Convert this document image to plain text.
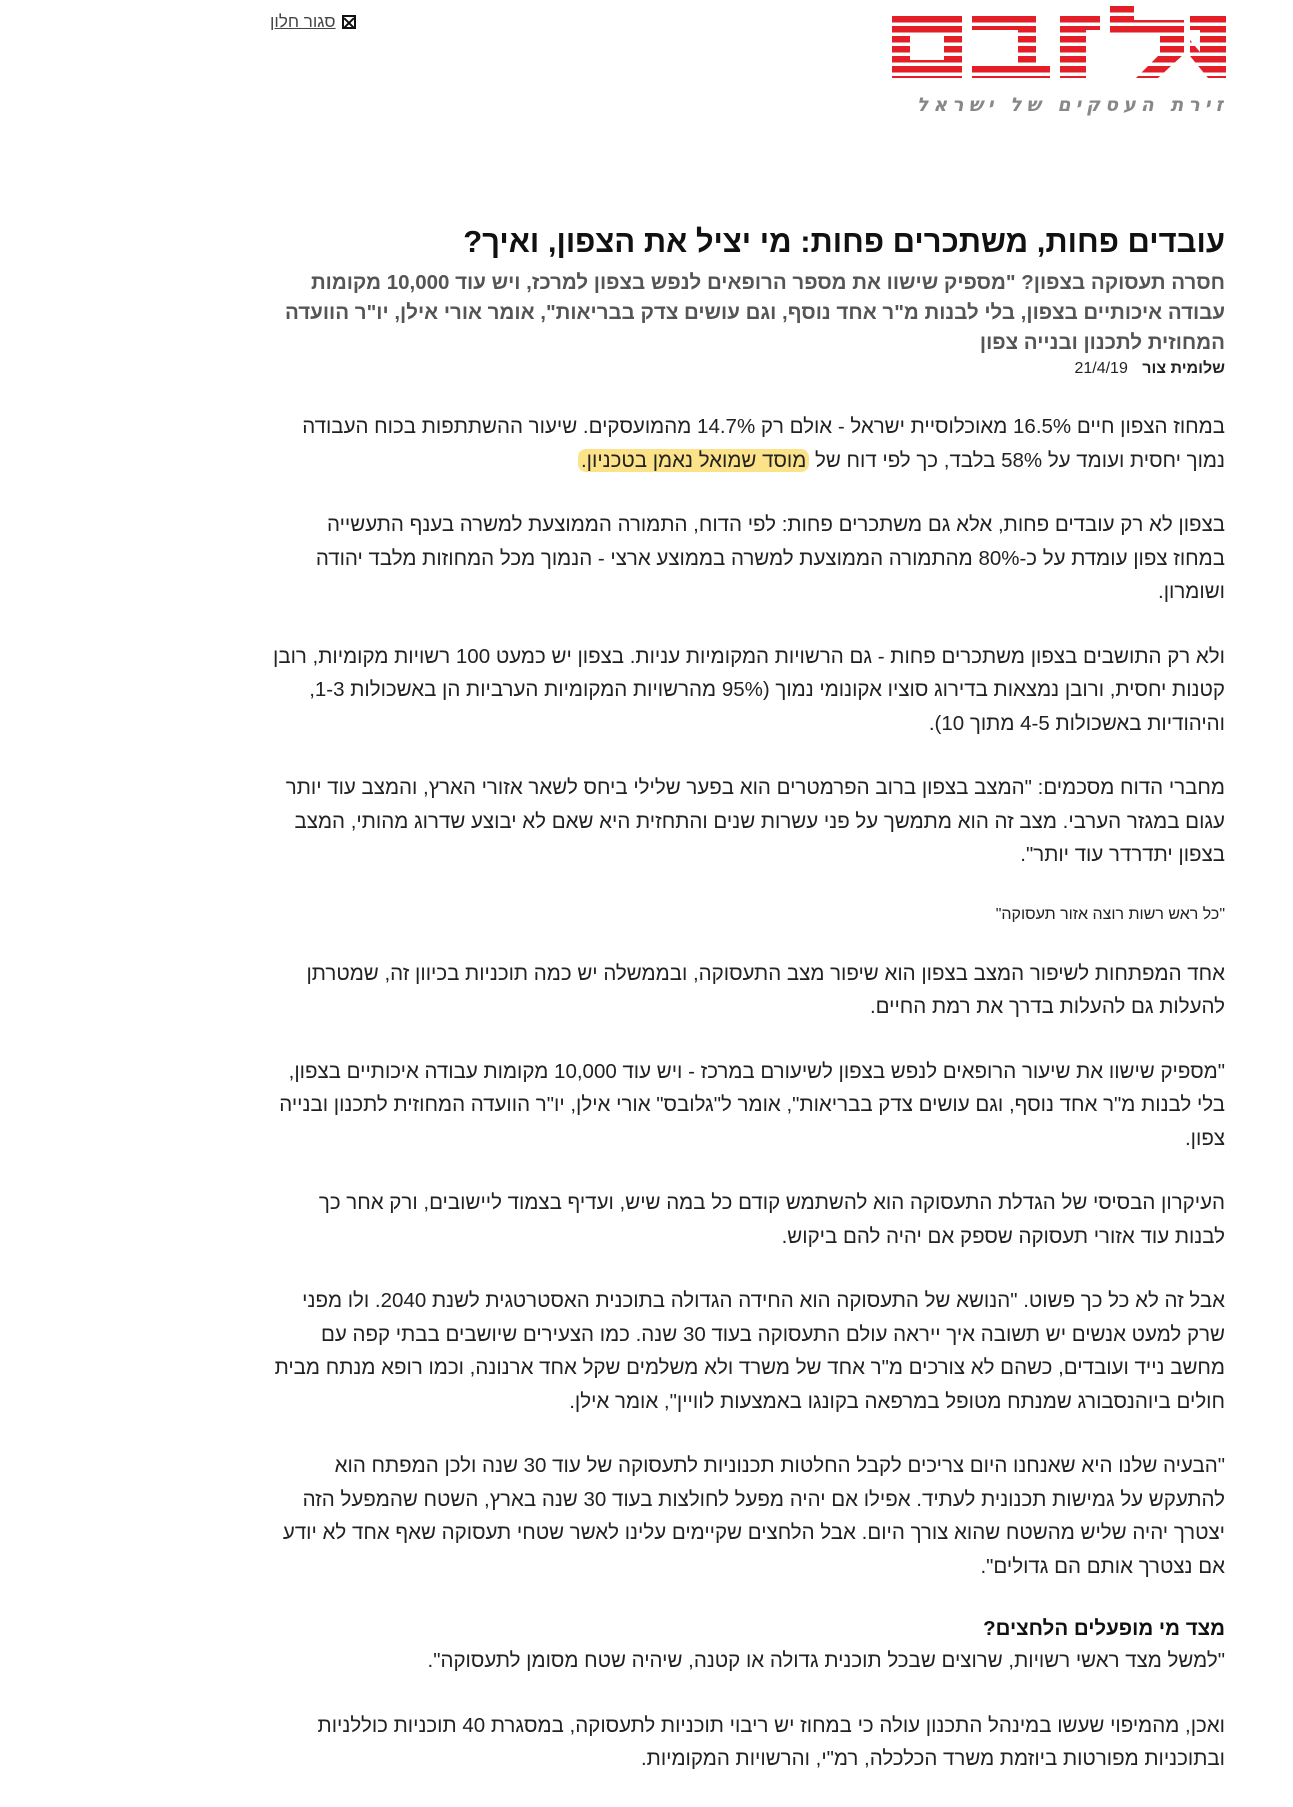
זירת העסקים של ישראל
סגור חלון
עובדים פחות, משתכרים פחות: מי יציל את הצפון, ואיך?
חסרה תעסוקה בצפון? "מספיק שישוו את מספר הרופאים לנפש בצפון למרכז, ויש עוד 10,000 מקומות עבודה איכותיים בצפון, בלי לבנות מ"ר אחד נוסף, וגם עושים צדק בבריאות", אומר אורי אילן, יו"ר הוועדה המחוזית לתכנון ובנייה צפון
שלומית צור 21/4/19

במחוז הצפון חיים 16.5% מאוכלוסיית ישראל - אולם רק 14.7% מהמועסקים. שיעור ההשתתפות בכוח העבודה נמוך יחסית ועומד על 58% בלבד, כך לפי דוח של מוסד שמואל נאמן בטכניון.

בצפון לא רק עובדים פחות, אלא גם משתכרים פחות: לפי הדוח, התמורה הממוצעת למשרה בענף התעשייה במחוז צפון עומדת על כ-80% מהתמורה הממוצעת למשרה בממוצע ארצי - הנמוך מכל המחוזות מלבד יהודה ושומרון.

ולא רק התושבים בצפון משתכרים פחות - גם הרשויות המקומיות עניות. בצפון יש כמעט 100 רשויות מקומיות, רובן קטנות יחסית, ורובן נמצאות בדירוג סוציו אקונומי נמוך (95% מהרשויות המקומיות הערביות הן באשכולות 1-3, והיהודיות באשכולות 4-5 מתוך 10).

מחברי הדוח מסכמים: "המצב בצפון ברוב הפרמטרים הוא בפער שלילי ביחס לשאר אזורי הארץ, והמצב עוד יותר עגום במגזר הערבי. מצב זה הוא מתמשך על פני עשרות שנים והתחזית היא שאם לא יבוצע שדרוג מהותי, המצב בצפון יתדרדר עוד יותר".

"כל ראש רשות רוצה אזור תעסוקה"

אחד המפתחות לשיפור המצב בצפון הוא שיפור מצב התעסוקה, ובממשלה יש כמה תוכניות בכיוון זה, שמטרתן להעלות גם להעלות בדרך את רמת החיים.

"מספיק שישוו את שיעור הרופאים לנפש בצפון לשיעורם במרכז - ויש עוד 10,000 מקומות עבודה איכותיים בצפון, בלי לבנות מ"ר אחד נוסף, וגם עושים צדק בבריאות", אומר ל"גלובס" אורי אילן, יו"ר הוועדה המחוזית לתכנון ובנייה צפון.

העיקרון הבסיסי של הגדלת התעסוקה הוא להשתמש קודם כל במה שיש, ועדיף בצמוד ליישובים, ורק אחר כך לבנות עוד אזורי תעסוקה שספק אם יהיה להם ביקוש.

אבל זה לא כל כך פשוט. "הנושא של התעסוקה הוא החידה הגדולה בתוכנית האסטרטגית לשנת 2040. ולו מפני שרק למעט אנשים יש תשובה איך ייראה עולם התעסוקה בעוד 30 שנה. כמו הצעירים שיושבים בבתי קפה עם מחשב נייד ועובדים, כשהם לא צורכים מ"ר אחד של משרד ולא משלמים שקל אחד ארנונה, וכמו רופא מנתח מבית חולים ביוהנסבורג שמנתח מטופל במרפאה בקונגו באמצעות לוויין", אומר אילן.

"הבעיה שלנו היא שאנחנו היום צריכים לקבל החלטות תכנוניות לתעסוקה של עוד 30 שנה ולכן המפתח הוא להתעקש על גמישות תכנונית לעתיד. אפילו אם יהיה מפעל לחולצות בעוד 30 שנה בארץ, השטח שהמפעל הזה יצטרך יהיה שליש מהשטח שהוא צורך היום. אבל הלחצים שקיימים עלינו לאשר שטחי תעסוקה שאף אחד לא יודע אם נצטרך אותם הם גדולים".

מצד מי מופעלים הלחצים?

"למשל מצד ראשי רשויות, שרוצים שבכל תוכנית גדולה או קטנה, שיהיה שטח מסומן לתעסוקה".

ואכן, מהמיפוי שעשו במינהל התכנון עולה כי במחוז יש ריבוי תוכניות לתעסוקה, במסגרת 40 תוכניות כוללניות ובתוכניות מפורטות ביוזמת משרד הכלכלה, רמ"י, והרשויות המקומיות.
